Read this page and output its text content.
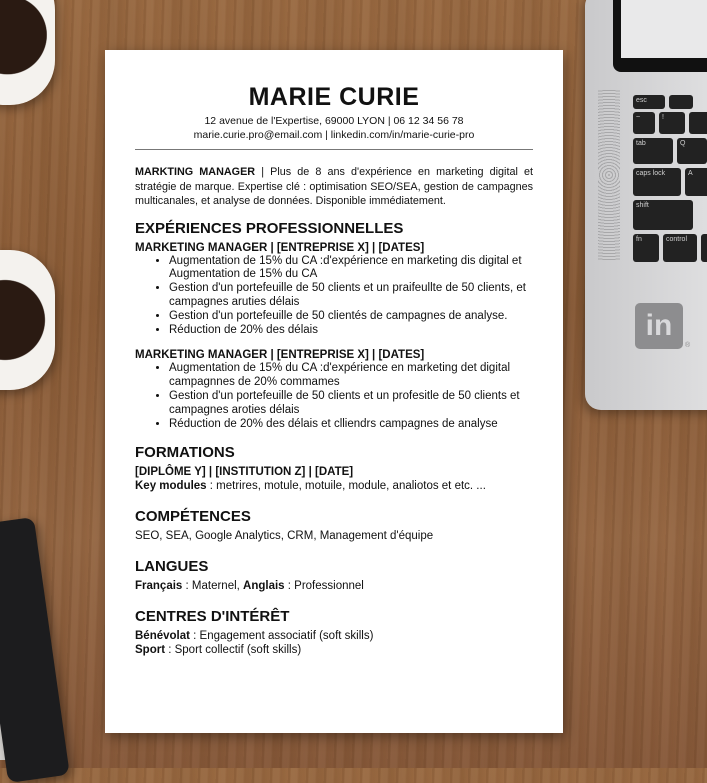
esc
~	!
tab	Q
caps lock	A
shift
fn	control
in
®
MARIE CURIE
12 avenue de l'Expertise, 69000 LYON | 06 12 34 56 78
marie.curie.pro@email.com | linkedin.com/in/marie-curie-pro
MARKTING MANAGER | Plus de 8 ans d'expérience en marketing digital et stratégie de marque. Expertise clé : optimisation SEO/SEA, gestion de campagnes multicanales, et analyse de données. Disponible immédiatement.
EXPÉRIENCES PROFESSIONNELLES
MARKETING MANAGER | [ENTREPRISE X] | [DATES]
• Augmentation de 15% du CA :d'expérience en marketing dis digital et Augmentation de 15% du CA
• Gestion d'un portefeuille de 50 clients et un praifeullte de 50 clients, et campagnes aruties délais
• Gestion d'un portefeuille de 50 clientés de campagnes de analyse.
• Réduction de 20% des délais
MARKETING MANAGER | [ENTREPRISE X] | [DATES]
• Augmentation de 15% du CA :d'expérience en marketing det digital campagnnes de 20% commames
• Gestion d'un portefeuille de 50 clients et un profesitle de 50 clients et campagnes aroties délais
• Réduction de 20% des délais et clliendrs campagnes de analyse
FORMATIONS
[DIPLÔME Y] | [INSTITUTION Z] | [DATE]
Key modules : metrires, motule, motuile, module, analiotos et etc. ...
COMPÉTENCES
SEO, SEA, Google Analytics, CRM, Management d'équipe
LANGUES
Français : Maternel, Anglais : Professionnel
CENTRES D'INTÉRÊT
Bénévolat : Engagement associatif (soft skills)
Sport : Sport collectif (soft skills)
